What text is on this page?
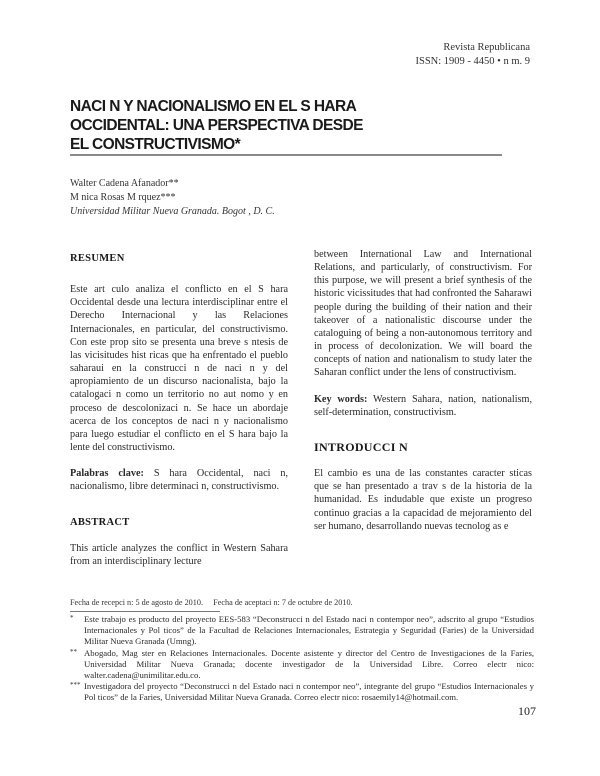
Revista Republicana
ISSN: 1909 - 4450 • n m. 9
NACI N Y NACIONALISMO EN EL S HARA
OCCIDENTAL: UNA PERSPECTIVA DESDE
EL CONSTRUCTIVISMO*
Walter Cadena Afanador**
M nica Rosas M rquez***
Universidad Militar Nueva Granada. Bogot , D. C.
RESUMEN

Este art culo analiza el conflicto en el S hara Occidental desde una lectura interdisciplinar entre el Derecho Internacional y las Relaciones Internacionales, en particular, del constructivismo. Con este prop sito se presenta una breve s ntesis de las vicisitudes hist ricas que ha enfrentado el pueblo saharaui en la construcci n de naci n y del apropiamiento de un discurso nacionalista, bajo la catalogaci n como un territorio no aut nomo y en proceso de descolonizaci n. Se hace un abordaje acerca de los conceptos de naci n y nacionalismo para luego estudiar el conflicto en el S hara bajo la lente del constructivismo.

Palabras clave: S hara Occidental, naci n, nacionalismo, libre determinaci n, constructivismo.

ABSTRACT

This article analyzes the conflict in Western Sahara from an interdisciplinary lecture

between International Law and International Relations, and particularly, of constructivism. For this purpose, we will present a brief synthesis of the historic vicissitudes that had confronted the Saharawi people during the building of their nation and their takeover of a nationalistic discourse under the cataloguing of being a non-autonomous territory and in process of decolonization. We will board the concepts of nation and nationalism to study later the Saharan conflict under the lens of constructivism.

Key words: Western Sahara, nation, nationalism, self-determination, constructivism.

INTRODUCCI N

El cambio es una de las constantes caracter sticas que se han presentado a trav s de la historia de la humanidad. Es indudable que existe un progreso continuo gracias a la capacidad de mejoramiento del ser humano, desarrollando nuevas tecnolog as e

Fecha de recepci n: 5 de agosto de 2010. Fecha de aceptaci n: 7 de octubre de 2010.

* Este trabajo es producto del proyecto EES-583 “Deconstrucci n del Estado naci n contempor neo”, adscrito al grupo “Estudios Internacionales y Pol ticos” de la Facultad de Relaciones Internacionales, Estrategia y Seguridad (Faries) de la Universidad Militar Nueva Granada (Umng).

** Abogado, Mag ster en Relaciones Internacionales. Docente asistente y director del Centro de Investigaciones de la Faries, Universidad Militar Nueva Granada; docente investigador de la Universidad Libre. Correo electr nico: walter.cadena@unimilitar.edu.co.

*** Investigadora del proyecto “Deconstrucci n del Estado naci n contempor neo”, integrante del grupo “Estudios Internacionales y Pol ticos” de la Faries, Universidad Militar Nueva Granada. Correo electr nico: rosaemily14@hotmail.com.

107
